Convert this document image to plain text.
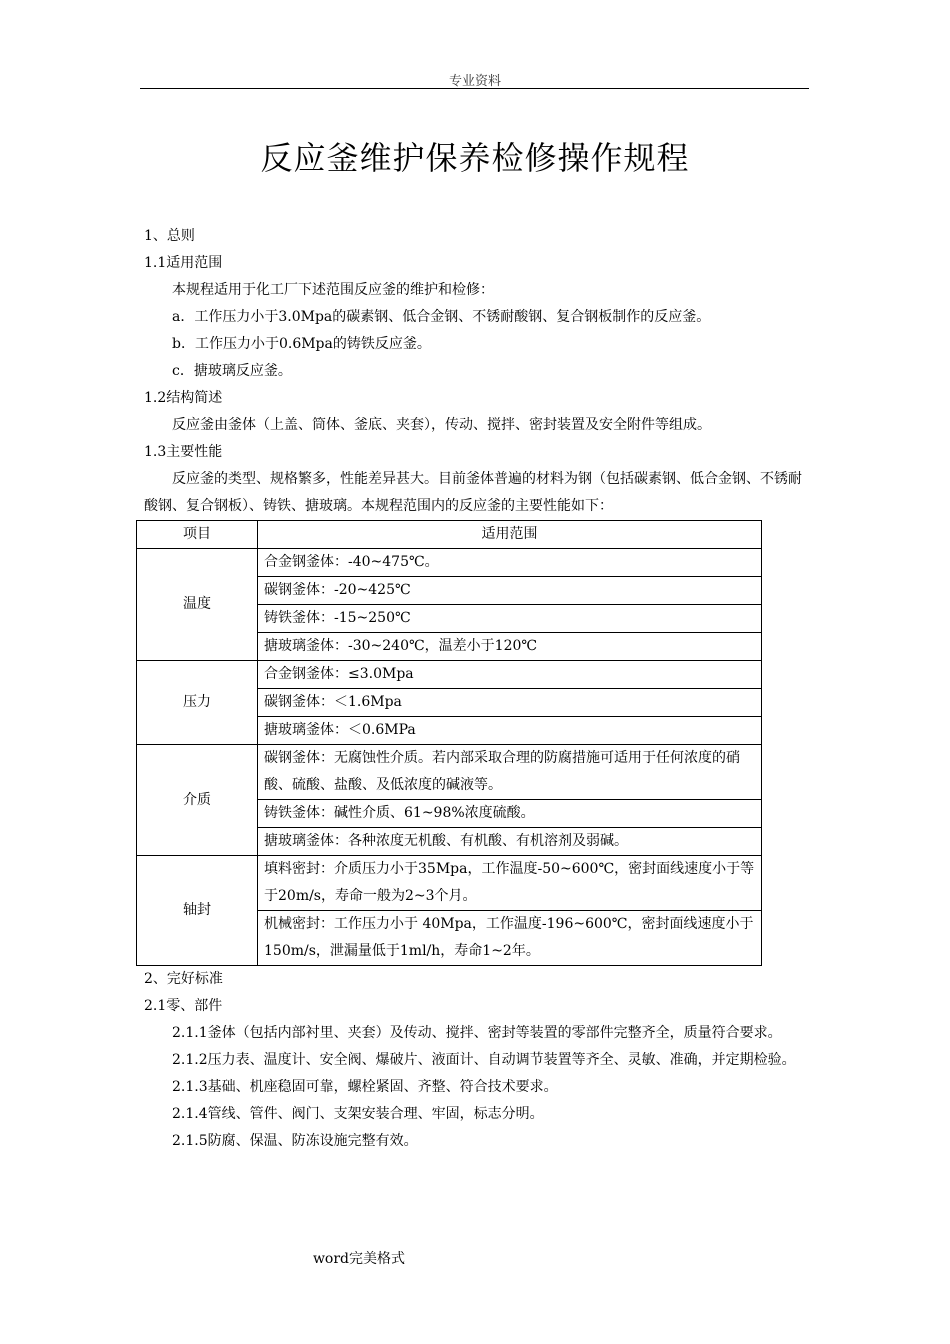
专业资料
反应釜维护保养检修操作规程

1、总则

1.1适用范围

本规程适用于化工厂下述范围反应釜的维护和检修：

a．工作压力小于3.0Mpa的碳素钢、低合金钢、不锈耐酸钢、复合钢板制作的反应釜。

b．工作压力小于0.6Mpa的铸铁反应釜。

c．搪玻璃反应釜。

1.2结构简述

反应釜由釜体（上盖、筒体、釜底、夹套），传动、搅拌、密封装置及安全附件等组成。

1.3主要性能

反应釜的类型、规格繁多，性能差异甚大。目前釜体普遍的材料为钢（包括碳素钢、低合金钢、不锈耐酸钢、复合钢板）、铸铁、搪玻璃。本规程范围内的反应釜的主要性能如下：

项目	适用范围
温度	合金钢釜体：-40~475℃。
	碳钢釜体：-20~425℃
	铸铁釜体：-15~250℃
	搪玻璃釜体：-30~240℃，温差小于120℃
压力	合金钢釜体：≤3.0Mpa
	碳钢釜体：＜1.6Mpa
	搪玻璃釜体：＜0.6MPa
介质	碳钢釜体：无腐蚀性介质。若内部采取合理的防腐措施可适用于任何浓度的硝酸、硫酸、盐酸、及低浓度的碱液等。
	铸铁釜体：碱性介质、61~98%浓度硫酸。
	搪玻璃釜体：各种浓度无机酸、有机酸、有机溶剂及弱碱。
轴封	填料密封：介质压力小于35Mpa，工作温度-50~600℃，密封面线速度小于等于20m/s，寿命一般为2~3个月。
	机械密封：工作压力小于 40Mpa，工作温度-196~600℃，密封面线速度小于150m/s，泄漏量低于1ml/h，寿命1~2年。

2、完好标准

2.1零、部件

2.1.1釜体（包括内部衬里、夹套）及传动、搅拌、密封等装置的零部件完整齐全，质量符合要求。

2.1.2压力表、温度计、安全阀、爆破片、液面计、自动调节装置等齐全、灵敏、准确，并定期检验。

2.1.3基础、机座稳固可靠，螺栓紧固、齐整、符合技术要求。

2.1.4管线、管件、阀门、支架安装合理、牢固，标志分明。

2.1.5防腐、保温、防冻设施完整有效。

word完美格式
